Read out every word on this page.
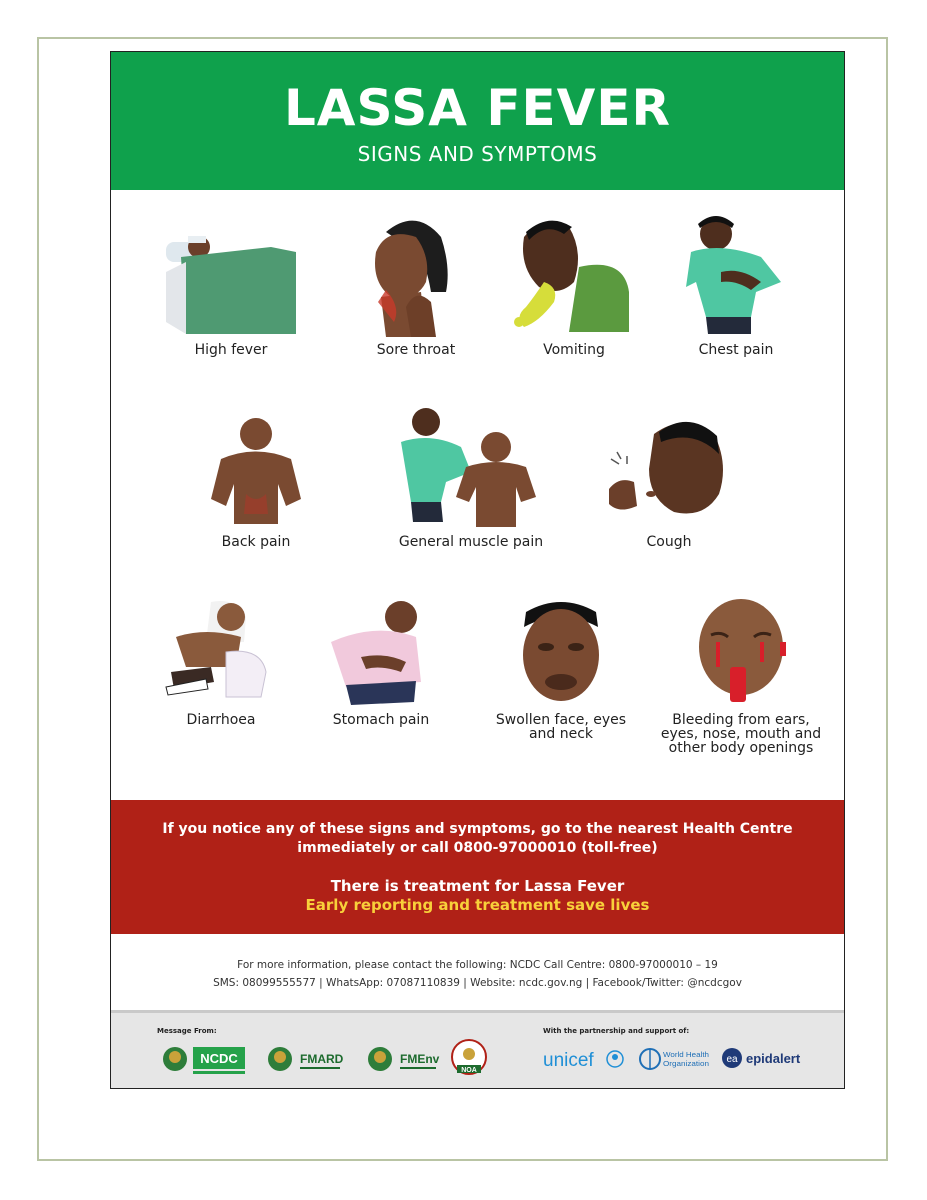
LASSA FEVER
SIGNS AND SYMPTOMS
High fever	Sore throat	Vomiting	Chest pain
Back pain	General muscle pain	Cough
Diarrhoea	Stomach pain	Swollen face, eyes and neck
Bleeding from ears, eyes, nose, mouth and other body openings
If you notice any of these signs and symptoms, go to the nearest Health Centre immediately or call 0800-97000010 (toll-free)
There is treatment for Lassa Fever
Early reporting and treatment save lives
For more information, please contact the following: NCDC Call Centre: 0800-97000010 – 19
SMS: 08099555577 | WhatsApp: 07087110839 | Website: ncdc.gov.ng | Facebook/Twitter: @ncdcgov
Message From:	With the partnership and support of:
NCDC	FMARD	FMEnv
NOA	unicef	World Health
Organization ea epidalert
